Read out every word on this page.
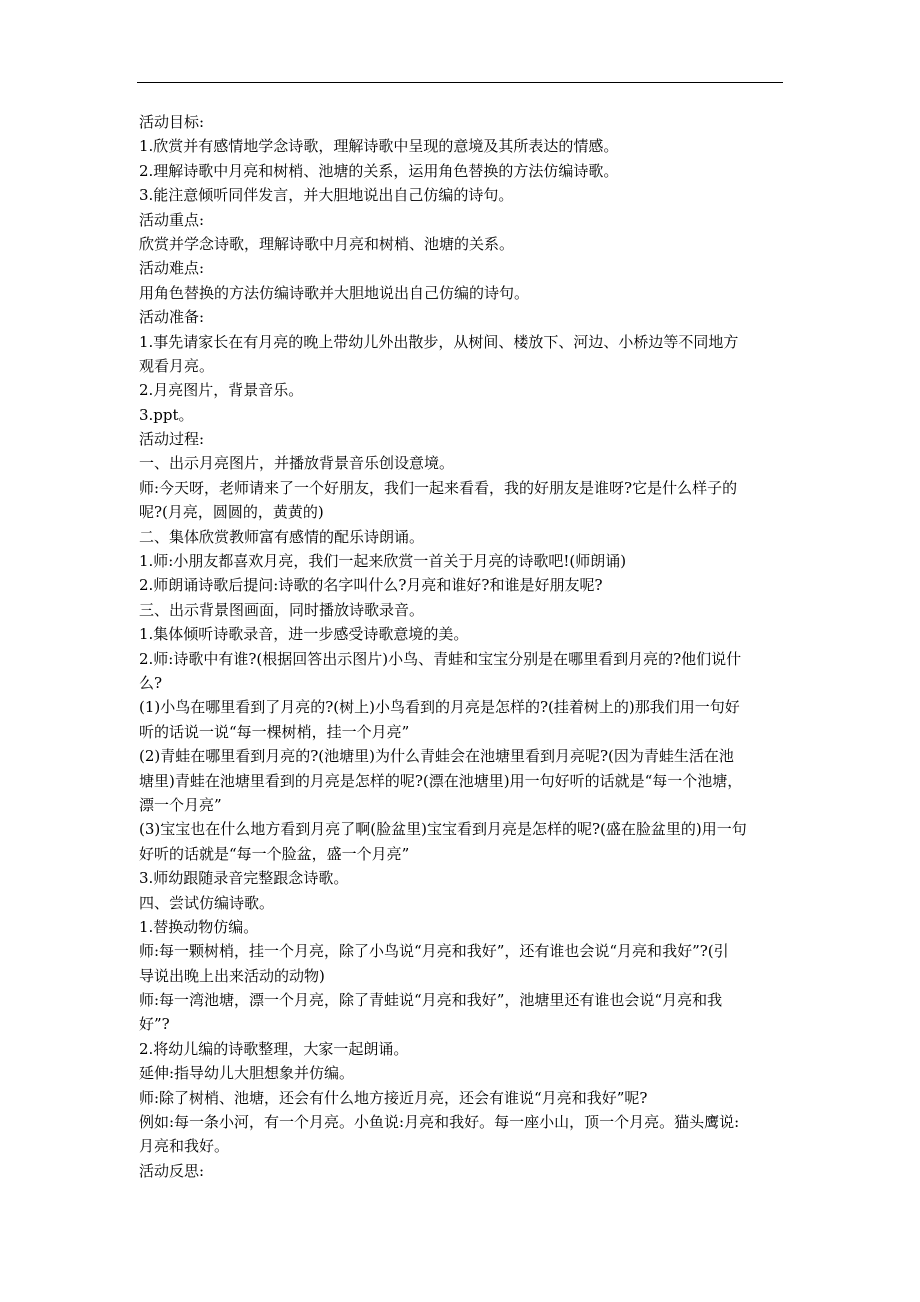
活动目标:
1.欣赏并有感情地学念诗歌，理解诗歌中呈现的意境及其所表达的情感。
2.理解诗歌中月亮和树梢、池塘的关系，运用角色替换的方法仿编诗歌。
3.能注意倾听同伴发言，并大胆地说出自己仿编的诗句。
活动重点:
欣赏并学念诗歌，理解诗歌中月亮和树梢、池塘的关系。
活动难点:
用角色替换的方法仿编诗歌并大胆地说出自己仿编的诗句。
活动准备:
1.事先请家长在有月亮的晚上带幼儿外出散步，从树间、楼放下、河边、小桥边等不同地方
观看月亮。
2.月亮图片，背景音乐。
3.ppt。
活动过程:
一、出示月亮图片，并播放背景音乐创设意境。
师:今天呀，老师请来了一个好朋友，我们一起来看看，我的好朋友是谁呀?它是什么样子的
呢?(月亮，圆圆的，黄黄的)
二、集体欣赏教师富有感情的配乐诗朗诵。
1.师:小朋友都喜欢月亮，我们一起来欣赏一首关于月亮的诗歌吧!(师朗诵)
2.师朗诵诗歌后提问:诗歌的名字叫什么?月亮和谁好?和谁是好朋友呢?
三、出示背景图画面，同时播放诗歌录音。
1.集体倾听诗歌录音，进一步感受诗歌意境的美。
2.师:诗歌中有谁?(根据回答出示图片)小鸟、青蛙和宝宝分别是在哪里看到月亮的?他们说什
么?
(1)小鸟在哪里看到了月亮的?(树上)小鸟看到的月亮是怎样的?(挂着树上的)那我们用一句好
听的话说一说“每一棵树梢，挂一个月亮”
(2)青蛙在哪里看到月亮的?(池塘里)为什么青蛙会在池塘里看到月亮呢?(因为青蛙生活在池
塘里)青蛙在池塘里看到的月亮是怎样的呢?(漂在池塘里)用一句好听的话就是“每一个池塘，
漂一个月亮”
(3)宝宝也在什么地方看到月亮了啊(脸盆里)宝宝看到月亮是怎样的呢?(盛在脸盆里的)用一句
好听的话就是“每一个脸盆，盛一个月亮”
3.师幼跟随录音完整跟念诗歌。
四、尝试仿编诗歌。
1.替换动物仿编。
师:每一颗树梢，挂一个月亮，除了小鸟说“月亮和我好”，还有谁也会说“月亮和我好”?(引
导说出晚上出来活动的动物)
师:每一湾池塘，漂一个月亮，除了青蛙说“月亮和我好”，池塘里还有谁也会说“月亮和我
好”?
2.将幼儿编的诗歌整理，大家一起朗诵。
延伸:指导幼儿大胆想象并仿编。
师:除了树梢、池塘，还会有什么地方接近月亮，还会有谁说“月亮和我好”呢?
例如:每一条小河，有一个月亮。小鱼说:月亮和我好。每一座小山，顶一个月亮。猫头鹰说:
月亮和我好。
活动反思:
